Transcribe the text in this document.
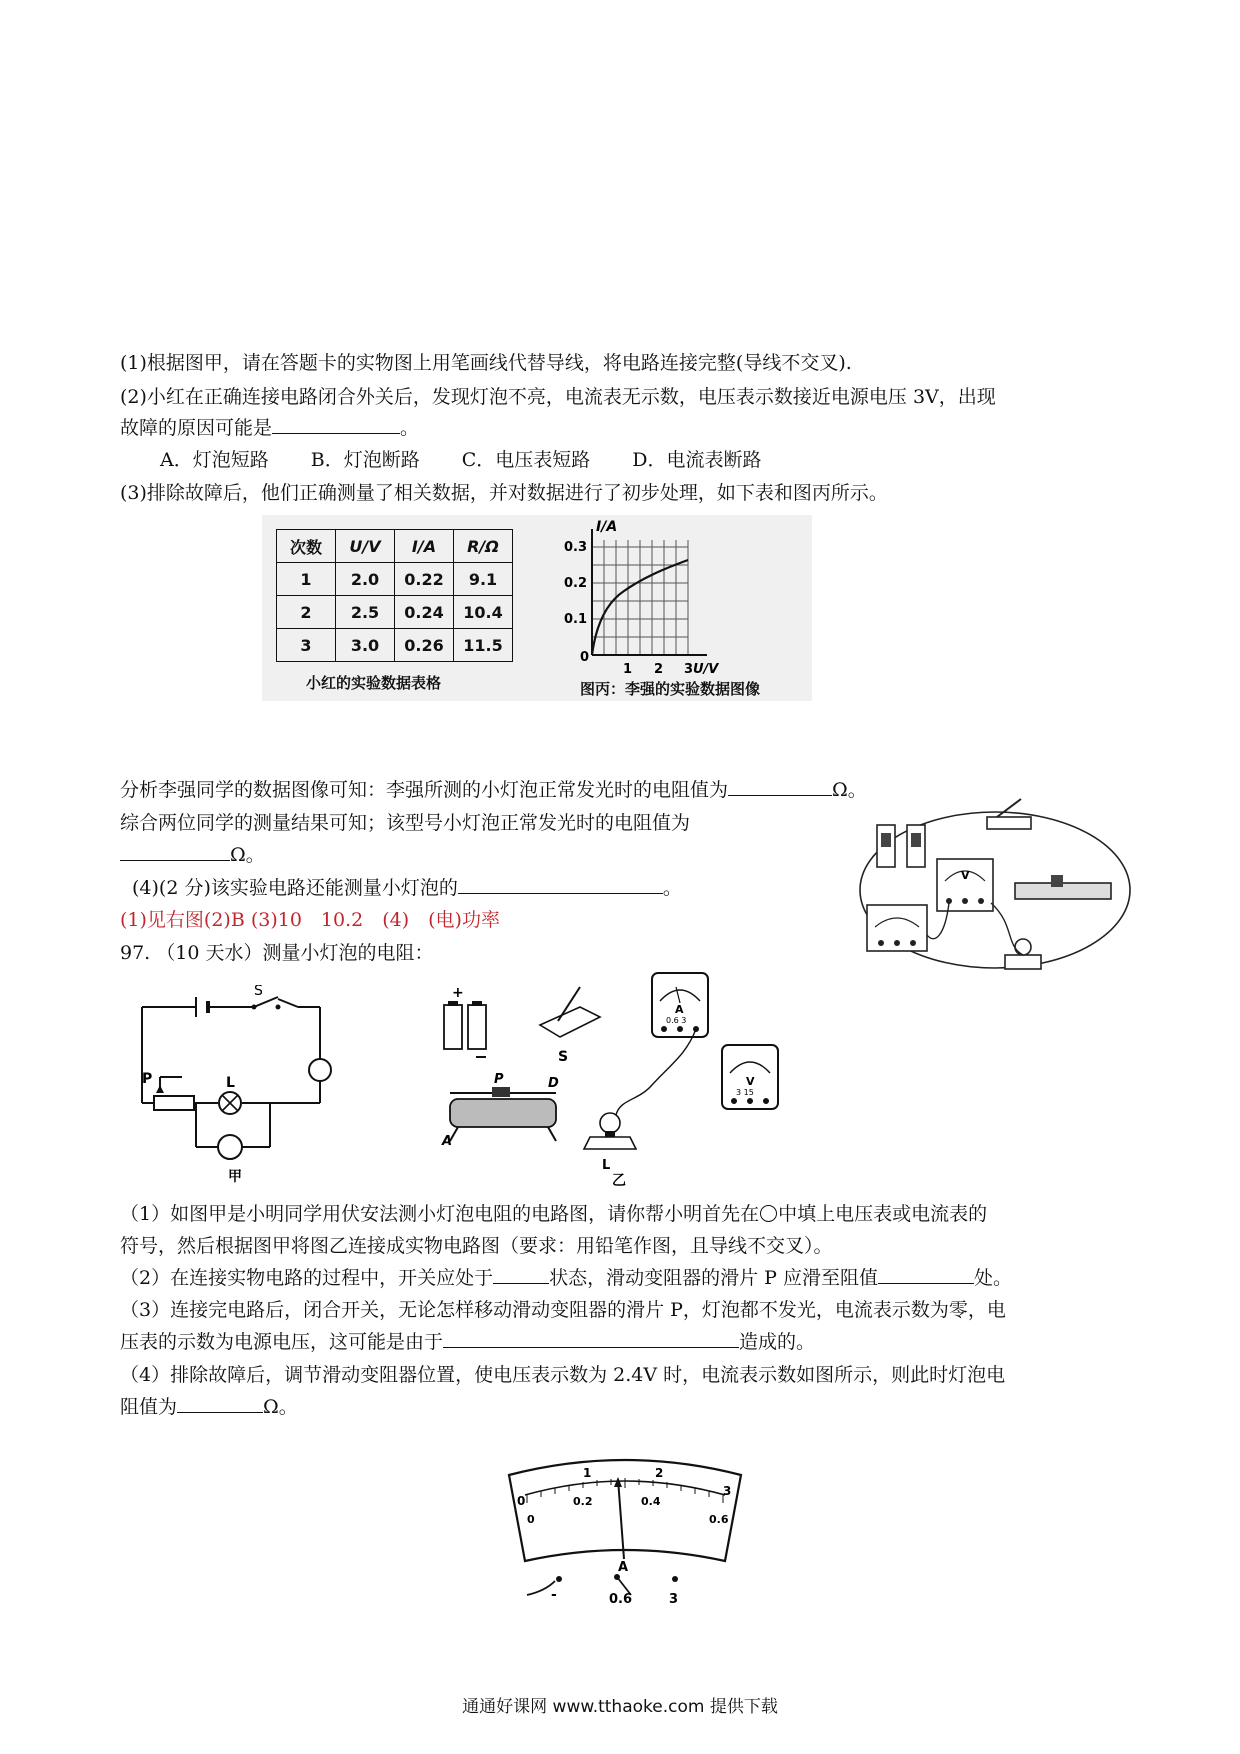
(1)根据图甲，请在答题卡的实物图上用笔画线代替导线，将电路连接完整(导线不交叉).
(2)小红在正确连接电路闭合外关后，发现灯泡不亮，电流表无示数，电压表示数接近电源电压 3V，出现
故障的原因可能是	。
A．灯泡短路 B．灯泡断路 C．电压表短路 D．电流表断路
(3)排除故障后，他们正确测量了相关数据，并对数据进行了初步处理，如下表和图丙所示。
次数	U/V	I/A	R/Ω
1	2.0	0.22	9.1
2	2.5	0.24	10.4
3	3.0	0.26	11.5
小红的实验数据表格
I/A
0.3
0.2
0.1
0
1 2 3 U/V
图丙：李强的实验数据图像
分析李强同学的数据图像可知：李强所测的小灯泡正常发光时的电阻值为	Ω。
综合两位同学的测量结果可知；该型号小灯泡正常发光时的电阻值为
Ω。
(4)(2 分)该实验电路还能测量小灯泡的	。
(1)见右图(2)B (3)10　10.2　(4)　(电)功率
V
97. （10 天水）测量小灯泡的电阻：
S
P	L
甲
+
S
A
0.6 3
V
3 15
P	D
A
L
乙
（1）如图甲是小明同学用伏安法测小灯泡电阻的电路图，请你帮小明首先在 中填上电压表或电流表的
符号，然后根据图甲将图乙连接成实物电路图（要求：用铅笔作图，且导线不交叉）。
（2）在连接实物电路的过程中，开关应处于	状态，滑动变阻器的滑片 P 应滑至阻值	处。
（3）连接完电路后，闭合开关，无论怎样移动滑动变阻器的滑片 P，灯泡都不发光，电流表示数为零，电
压表的示数为电源电压，这可能是由于	造成的。
（4）排除故障后，调节滑动变阻器位置，使电压表示数为 2.4V 时，电流表示数如图所示，则此时灯泡电
阻值为	Ω。
0
1	2
3
0
0.2	0.4
0.6
A
-	0.6	3
通通好课网 www.tthaoke.com 提供下载
